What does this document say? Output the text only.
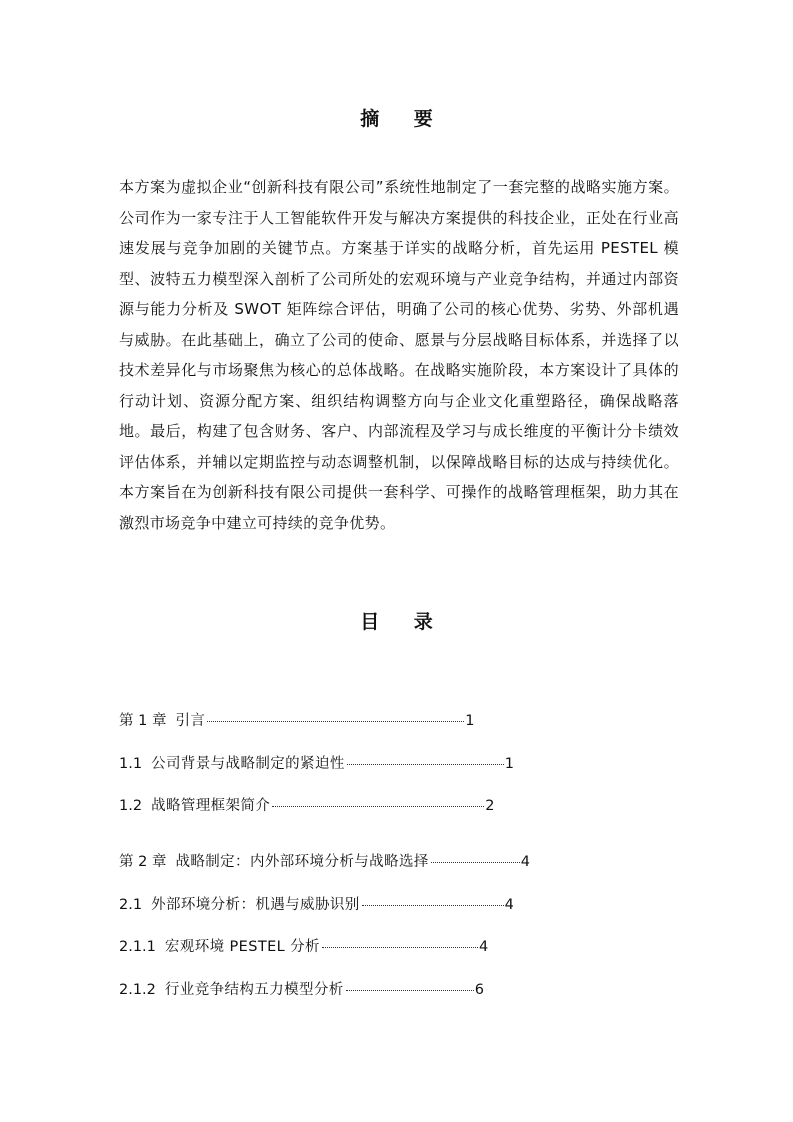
摘 要

本方案为虚拟企业“创新科技有限公司”系统性地制定了一套完整的战略实施方案。公司作为一家专注于人工智能软件开发与解决方案提供的科技企业，正处在行业高速发展与竞争加剧的关键节点。方案基于详实的战略分析，首先运用 PESTEL 模型、波特五力模型深入剖析了公司所处的宏观环境与产业竞争结构，并通过内部资源与能力分析及 SWOT 矩阵综合评估，明确了公司的核心优势、劣势、外部机遇与威胁。在此基础上，确立了公司的使命、愿景与分层战略目标体系，并选择了以技术差异化与市场聚焦为核心的总体战略。在战略实施阶段，本方案设计了具体的行动计划、资源分配方案、组织结构调整方向与企业文化重塑路径，确保战略落地。最后，构建了包含财务、客户、内部流程及学习与成长维度的平衡计分卡绩效评估体系，并辅以定期监控与动态调整机制，以保障战略目标的达成与持续优化。本方案旨在为创新科技有限公司提供一套科学、可操作的战略管理框架，助力其在激烈市场竞争中建立可持续的竞争优势。

目 录
第 1 章 引言	1
1.1 公司背景与战略制定的紧迫性	1
1.2 战略管理框架简介	2
第 2 章 战略制定：内外部环境分析与战略选择	4
2.1 外部环境分析：机遇与威胁识别	4
2.1.1 宏观环境 PESTEL 分析	4
2.1.2 行业竞争结构五力模型分析	6
